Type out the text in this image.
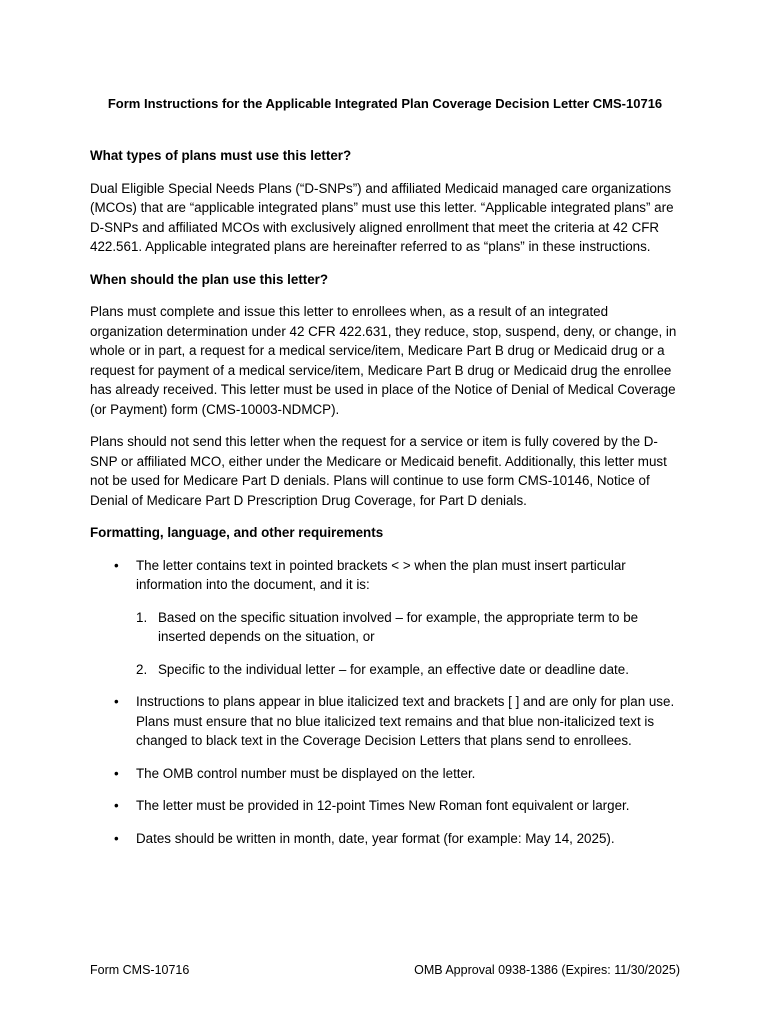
Form Instructions for the Applicable Integrated Plan Coverage Decision Letter CMS-10716
What types of plans must use this letter?

Dual Eligible Special Needs Plans (“D-SNPs”) and affiliated Medicaid managed care organizations (MCOs) that are “applicable integrated plans” must use this letter. “Applicable integrated plans” are D-SNPs and affiliated MCOs with exclusively aligned enrollment that meet the criteria at 42 CFR 422.561. Applicable integrated plans are hereinafter referred to as “plans” in these instructions.

When should the plan use this letter?

Plans must complete and issue this letter to enrollees when, as a result of an integrated organization determination under 42 CFR 422.631, they reduce, stop, suspend, deny, or change, in whole or in part, a request for a medical service/item, Medicare Part B drug or Medicaid drug or a request for payment of a medical service/item, Medicare Part B drug or Medicaid drug the enrollee has already received. This letter must be used in place of the Notice of Denial of Medical Coverage (or Payment) form (CMS-10003-NDMCP).

Plans should not send this letter when the request for a service or item is fully covered by the D-SNP or affiliated MCO, either under the Medicare or Medicaid benefit. Additionally, this letter must not be used for Medicare Part D denials. Plans will continue to use form CMS-10146, Notice of Denial of Medicare Part D Prescription Drug Coverage, for Part D denials.

Formatting, language, and other requirements
• The letter contains text in pointed brackets < > when the plan must insert particular information into the document, and it is:
1. Based on the specific situation involved – for example, the appropriate term to be inserted depends on the situation, or
2. Specific to the individual letter – for example, an effective date or deadline date.
• Instructions to plans appear in blue italicized text and brackets [ ] and are only for plan use. Plans must ensure that no blue italicized text remains and that blue non-italicized text is changed to black text in the Coverage Decision Letters that plans send to enrollees.
• The OMB control number must be displayed on the letter.
• The letter must be provided in 12-point Times New Roman font equivalent or larger.
• Dates should be written in month, date, year format (for example: May 14, 2025).
Form CMS-10716	OMB Approval 0938-1386 (Expires: 11/30/2025)
